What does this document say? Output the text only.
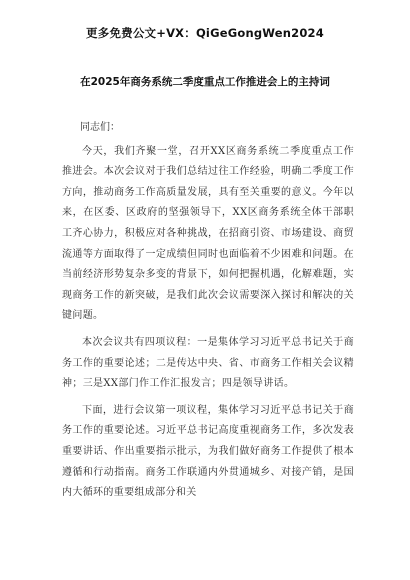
更多免费公文+VX：QiGeGongWen2024
在2025年商务系统二季度重点工作推进会上的主持词

同志们：

今天，我们齐聚一堂，召开XX区商务系统二季度重点工作推进会。本次会议对于我们总结过往工作经验，明确二季度工作方向，推动商务工作高质量发展，具有至关重要的意义。今年以来，在区委、区政府的坚强领导下，XX区商务系统全体干部职工齐心协力，积极应对各种挑战，在招商引资、市场建设、商贸流通等方面取得了一定成绩但同时也面临着不少困难和问题。在当前经济形势复杂多变的背景下，如何把握机遇，化解难题，实现商务工作的新突破，是我们此次会议需要深入探讨和解决的关键问题。

本次会议共有四项议程：一是集体学习习近平总书记关于商务工作的重要论述；二是传达中央、省、市商务工作相关会议精神；三是XX部门作工作汇报发言；四是领导讲话。

下面，进行会议第一项议程，集体学习习近平总书记关于商务工作的重要论述。习近平总书记高度重视商务工作，多次发表重要讲话、作出重要指示批示，为我们做好商务工作提供了根本遵循和行动指南。商务工作联通内外贯通城乡、对接产销，是国内大循环的重要组成部分和关
